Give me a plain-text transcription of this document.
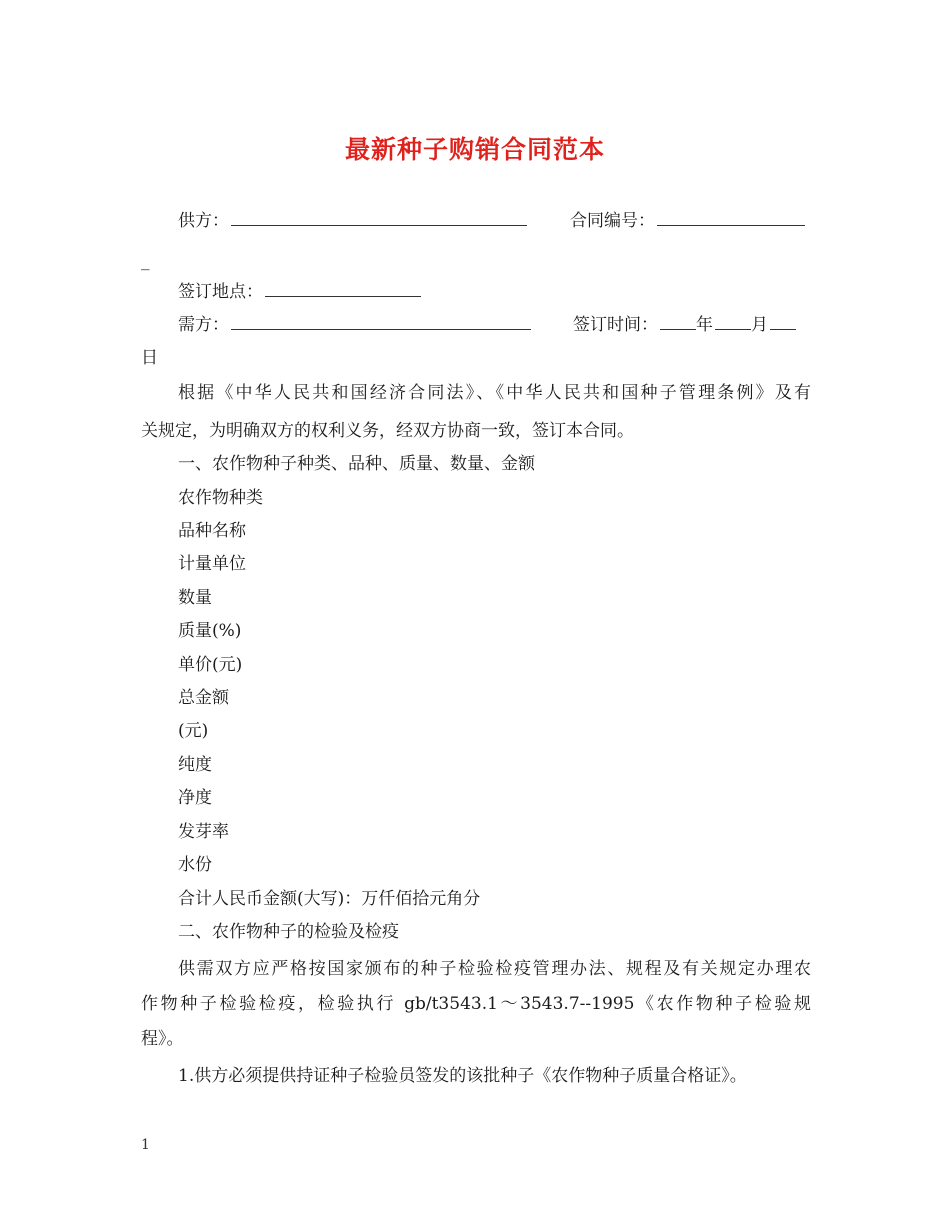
最新种子购销合同范本
供方：	合同编号：
_
签订地点：
需方：	签订时间： 年 月
日
根据《中华人民共和国经济合同法》、《中华人民共和国种子管理条例》及有
关规定，为明确双方的权利义务，经双方协商一致，签订本合同。
一、农作物种子种类、品种、质量、数量、金额
农作物种类
品种名称
计量单位
数量
质量(%)
单价(元)
总金额
(元)
纯度
净度
发芽率
水份
合计人民币金额(大写)：万仟佰拾元角分
二、农作物种子的检验及检疫
供需双方应严格按国家颁布的种子检验检疫管理办法、规程及有关规定办理农
作物种子检验检疫，检验执行 gb/t3543.1～3543.7--1995《农作物种子检验规
程》。
1.供方必须提供持证种子检验员签发的该批种子《农作物种子质量合格证》。
1
